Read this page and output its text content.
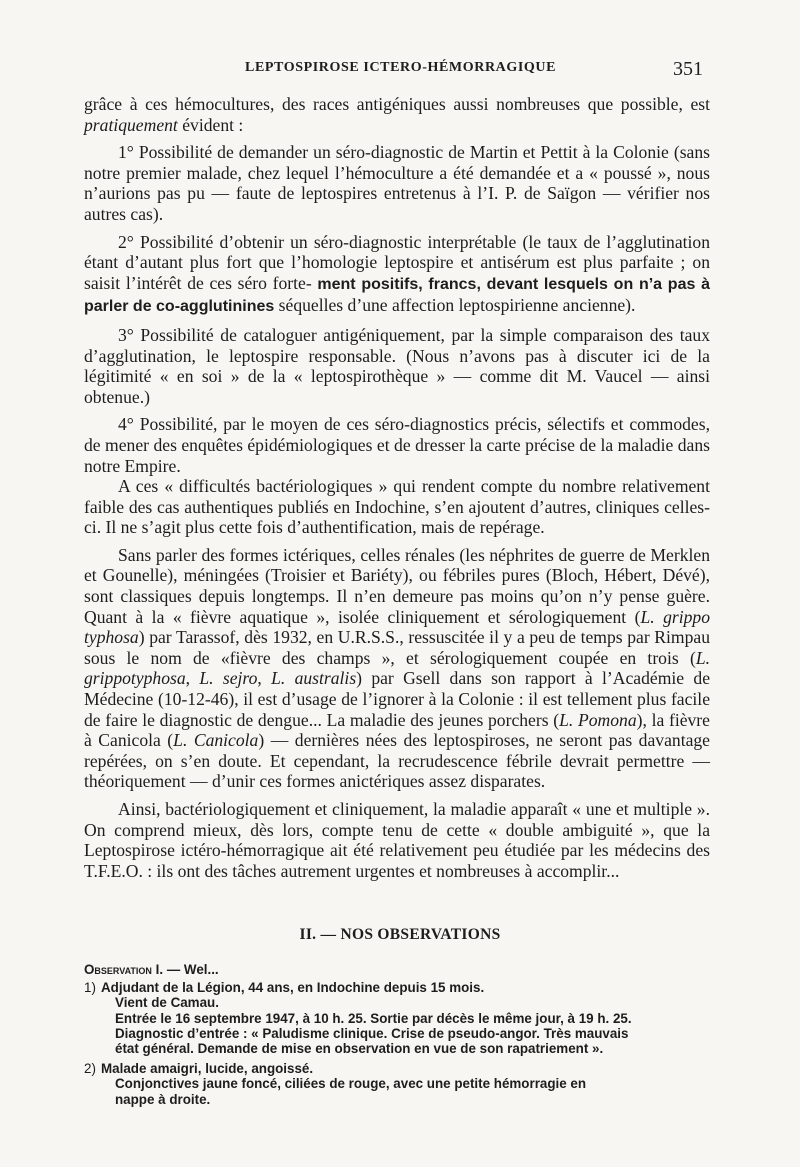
LEPTOSPIROSE ICTERO-HÉMORRAGIQUE	351

grâce à ces hémocultures, des races antigéniques aussi nombreuses que possible, est pratiquement évident :

1° Possibilité de demander un séro-diagnostic de Martin et Pettit à la Colonie (sans notre premier malade, chez lequel l’hémoculture a été demandée et a « poussé », nous n’aurions pas pu — faute de leptospires entretenus à l’I. P. de Saïgon — vérifier nos autres cas).

2° Possibilité d’obtenir un séro-diagnostic interprétable (le taux de l’agglutination étant d’autant plus fort que l’homologie leptospire et antisérum est plus parfaite ; on saisit l’intérêt de ces séro forte- ment positifs, francs, devant lesquels on n’a pas à parler de co-agglutinines séquelles d’une affection leptospirienne ancienne).

3° Possibilité de cataloguer antigéniquement, par la simple comparaison des taux d’agglutination, le leptospire responsable. (Nous n’avons pas à discuter ici de la légitimité « en soi » de la « leptospirothèque » — comme dit M. Vaucel — ainsi obtenue.)

4° Possibilité, par le moyen de ces séro-diagnostics précis, sélectifs et commodes, de mener des enquêtes épidémiologiques et de dresser la carte précise de la maladie dans notre Empire.

A ces « difficultés bactériologiques » qui rendent compte du nombre relativement faible des cas authentiques publiés en Indochine, s’en ajoutent d’autres, cliniques celles-ci. Il ne s’agit plus cette fois d’authentification, mais de repérage.

Sans parler des formes ictériques, celles rénales (les néphrites de guerre de Merklen et Gounelle), méningées (Troisier et Bariéty), ou fébriles pures (Bloch, Hébert, Dévé), sont classiques depuis longtemps. Il n’en demeure pas moins qu’on n’y pense guère. Quant à la « fièvre aquatique », isolée cliniquement et sérologiquement (L. grippo typhosa) par Tarassof, dès 1932, en U.R.S.S., ressuscitée il y a peu de temps par Rimpau sous le nom de «fièvre des champs », et sérologiquement coupée en trois (L. grippotyphosa, L. sejro, L. australis) par Gsell dans son rapport à l’Académie de Médecine (10-12-46), il est d’usage de l’ignorer à la Colonie : il est tellement plus facile de faire le diagnostic de dengue... La maladie des jeunes porchers (L. Pomona), la fièvre à Canicola (L. Canicola) — dernières nées des leptospiroses, ne seront pas davantage repérées, on s’en doute. Et cependant, la recrudescence fébrile devrait permettre — théoriquement — d’unir ces formes anictériques assez disparates.

Ainsi, bactériologiquement et cliniquement, la maladie apparaît « une et multiple ». On comprend mieux, dès lors, compte tenu de cette « double ambiguité », que la Leptospirose ictéro-hémorragique ait été relativement peu étudiée par les médecins des T.F.E.O. : ils ont des tâches autrement urgentes et nombreuses à accomplir...

II. — NOS OBSERVATIONS
Observation I. — Wel...
1) Adjudant de la Légion, 44 ans, en Indochine depuis 15 mois.
Vient de Camau.
Entrée le 16 septembre 1947, à 10 h. 25. Sortie par décès le même jour, à 19 h. 25.
Diagnostic d’entrée : « Paludisme clinique. Crise de pseudo-angor. Très mauvais
état général. Demande de mise en observation en vue de son rapatriement ».
2) Malade amaigri, lucide, angoissé.
Conjonctives jaune foncé, ciliées de rouge, avec une petite hémorragie en
nappe à droite.
